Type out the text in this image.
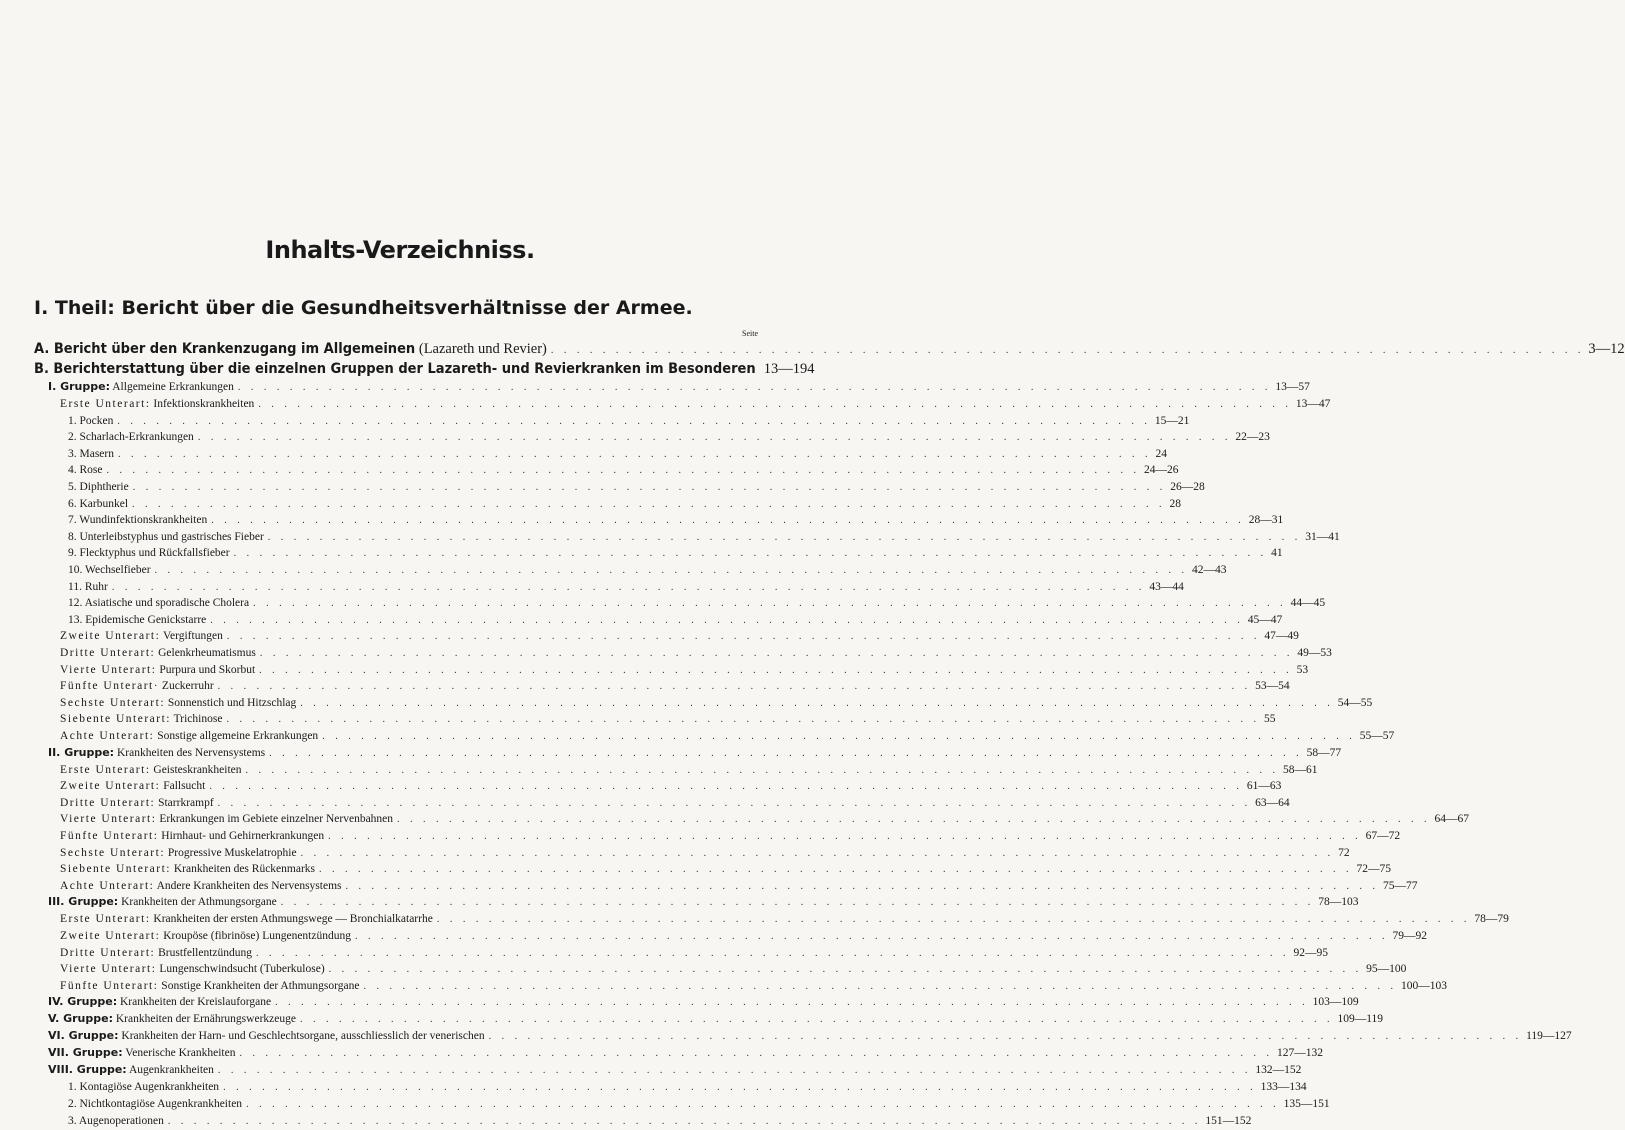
Inhalts-Verzeichniss.
I. Theil: Bericht über die Gesundheitsverhältnisse der Armee.
Seite
A. Bericht über den Krankenzugang im Allgemeinen (Lazareth und Revier) . . . . . . . . . . . . . . . . . . . . . . . . . . . . . . . . . . . . . . . . . . . . . . . . . . . . . . . . . . . . . . . . . . . . . . . . . . . . . . . . 3—12
B. Berichterstattung über die einzelnen Gruppen der Lazareth- und Revierkranken im Besonderen 13—194
I. Gruppe: Allgemeine Erkrankungen . . . . . . . . . . . . . . . . . . . . . . . . . . . . . . . . . . . . . . . . . . . . . . . . . . . . . . . . . . . . . . . . . . . . . . . . . . . . . . . . 13—57
Erste Unterart: Infektionskrankheiten . . . . . . . . . . . . . . . . . . . . . . . . . . . . . . . . . . . . . . . . . . . . . . . . . . . . . . . . . . . . . . . . . . . . . . . . . . . . . . . . 13—47
1. Pocken . . . . . . . . . . . . . . . . . . . . . . . . . . . . . . . . . . . . . . . . . . . . . . . . . . . . . . . . . . . . . . . . . . . . . . . . . . . . . . . . 15—21
2. Scharlach-Erkrankungen . . . . . . . . . . . . . . . . . . . . . . . . . . . . . . . . . . . . . . . . . . . . . . . . . . . . . . . . . . . . . . . . . . . . . . . . . . . . . . . . 22—23
3. Masern . . . . . . . . . . . . . . . . . . . . . . . . . . . . . . . . . . . . . . . . . . . . . . . . . . . . . . . . . . . . . . . . . . . . . . . . . . . . . . . . 24
4. Rose . . . . . . . . . . . . . . . . . . . . . . . . . . . . . . . . . . . . . . . . . . . . . . . . . . . . . . . . . . . . . . . . . . . . . . . . . . . . . . . . 24—26
5. Diphtherie . . . . . . . . . . . . . . . . . . . . . . . . . . . . . . . . . . . . . . . . . . . . . . . . . . . . . . . . . . . . . . . . . . . . . . . . . . . . . . . . 26—28
6. Karbunkel . . . . . . . . . . . . . . . . . . . . . . . . . . . . . . . . . . . . . . . . . . . . . . . . . . . . . . . . . . . . . . . . . . . . . . . . . . . . . . . . 28
7. Wundinfektionskrankheiten . . . . . . . . . . . . . . . . . . . . . . . . . . . . . . . . . . . . . . . . . . . . . . . . . . . . . . . . . . . . . . . . . . . . . . . . . . . . . . . . 28—31
8. Unterleibstyphus und gastrisches Fieber . . . . . . . . . . . . . . . . . . . . . . . . . . . . . . . . . . . . . . . . . . . . . . . . . . . . . . . . . . . . . . . . . . . . . . . . . . . . . . . . 31—41
9. Flecktyphus und Rückfallsfieber . . . . . . . . . . . . . . . . . . . . . . . . . . . . . . . . . . . . . . . . . . . . . . . . . . . . . . . . . . . . . . . . . . . . . . . . . . . . . . . . 41
10. Wechselfieber . . . . . . . . . . . . . . . . . . . . . . . . . . . . . . . . . . . . . . . . . . . . . . . . . . . . . . . . . . . . . . . . . . . . . . . . . . . . . . . . 42—43
11. Ruhr . . . . . . . . . . . . . . . . . . . . . . . . . . . . . . . . . . . . . . . . . . . . . . . . . . . . . . . . . . . . . . . . . . . . . . . . . . . . . . . . 43—44
12. Asiatische und sporadische Cholera . . . . . . . . . . . . . . . . . . . . . . . . . . . . . . . . . . . . . . . . . . . . . . . . . . . . . . . . . . . . . . . . . . . . . . . . . . . . . . . . 44—45
13. Epidemische Genickstarre . . . . . . . . . . . . . . . . . . . . . . . . . . . . . . . . . . . . . . . . . . . . . . . . . . . . . . . . . . . . . . . . . . . . . . . . . . . . . . . . 45—47
Zweite Unterart: Vergiftungen . . . . . . . . . . . . . . . . . . . . . . . . . . . . . . . . . . . . . . . . . . . . . . . . . . . . . . . . . . . . . . . . . . . . . . . . . . . . . . . . 47—49
Dritte Unterart: Gelenkrheumatismus . . . . . . . . . . . . . . . . . . . . . . . . . . . . . . . . . . . . . . . . . . . . . . . . . . . . . . . . . . . . . . . . . . . . . . . . . . . . . . . . 49—53
Vierte Unterart: Purpura und Skorbut . . . . . . . . . . . . . . . . . . . . . . . . . . . . . . . . . . . . . . . . . . . . . . . . . . . . . . . . . . . . . . . . . . . . . . . . . . . . . . . . 53
Fünfte Unterart· Zuckerruhr . . . . . . . . . . . . . . . . . . . . . . . . . . . . . . . . . . . . . . . . . . . . . . . . . . . . . . . . . . . . . . . . . . . . . . . . . . . . . . . . 53—54
Sechste Unterart: Sonnenstich und Hitzschlag . . . . . . . . . . . . . . . . . . . . . . . . . . . . . . . . . . . . . . . . . . . . . . . . . . . . . . . . . . . . . . . . . . . . . . . . . . . . . . . . 54—55
Siebente Unterart: Trichinose . . . . . . . . . . . . . . . . . . . . . . . . . . . . . . . . . . . . . . . . . . . . . . . . . . . . . . . . . . . . . . . . . . . . . . . . . . . . . . . . 55
Achte Unterart: Sonstige allgemeine Erkrankungen . . . . . . . . . . . . . . . . . . . . . . . . . . . . . . . . . . . . . . . . . . . . . . . . . . . . . . . . . . . . . . . . . . . . . . . . . . . . . . . . 55—57
II. Gruppe: Krankheiten des Nervensystems . . . . . . . . . . . . . . . . . . . . . . . . . . . . . . . . . . . . . . . . . . . . . . . . . . . . . . . . . . . . . . . . . . . . . . . . . . . . . . . . 58—77
Erste Unterart: Geisteskrankheiten . . . . . . . . . . . . . . . . . . . . . . . . . . . . . . . . . . . . . . . . . . . . . . . . . . . . . . . . . . . . . . . . . . . . . . . . . . . . . . . . 58—61
Zweite Unterart: Fallsucht . . . . . . . . . . . . . . . . . . . . . . . . . . . . . . . . . . . . . . . . . . . . . . . . . . . . . . . . . . . . . . . . . . . . . . . . . . . . . . . . 61—63
Dritte Unterart: Starrkrampf . . . . . . . . . . . . . . . . . . . . . . . . . . . . . . . . . . . . . . . . . . . . . . . . . . . . . . . . . . . . . . . . . . . . . . . . . . . . . . . . 63—64
Vierte Unterart: Erkrankungen im Gebiete einzelner Nervenbahnen . . . . . . . . . . . . . . . . . . . . . . . . . . . . . . . . . . . . . . . . . . . . . . . . . . . . . . . . . . . . . . . . . . . . . . . . . . . . . . . . 64—67
Fünfte Unterart: Hirnhaut- und Gehirnerkrankungen . . . . . . . . . . . . . . . . . . . . . . . . . . . . . . . . . . . . . . . . . . . . . . . . . . . . . . . . . . . . . . . . . . . . . . . . . . . . . . . . 67—72
Sechste Unterart: Progressive Muskelatrophie . . . . . . . . . . . . . . . . . . . . . . . . . . . . . . . . . . . . . . . . . . . . . . . . . . . . . . . . . . . . . . . . . . . . . . . . . . . . . . . . 72
Siebente Unterart: Krankheiten des Rückenmarks . . . . . . . . . . . . . . . . . . . . . . . . . . . . . . . . . . . . . . . . . . . . . . . . . . . . . . . . . . . . . . . . . . . . . . . . . . . . . . . . 72—75
Achte Unterart: Andere Krankheiten des Nervensystems . . . . . . . . . . . . . . . . . . . . . . . . . . . . . . . . . . . . . . . . . . . . . . . . . . . . . . . . . . . . . . . . . . . . . . . . . . . . . . . . 75—77
III. Gruppe: Krankheiten der Athmungsorgane . . . . . . . . . . . . . . . . . . . . . . . . . . . . . . . . . . . . . . . . . . . . . . . . . . . . . . . . . . . . . . . . . . . . . . . . . . . . . . . . 78—103
Erste Unterart: Krankheiten der ersten Athmungswege — Bronchialkatarrhe . . . . . . . . . . . . . . . . . . . . . . . . . . . . . . . . . . . . . . . . . . . . . . . . . . . . . . . . . . . . . . . . . . . . . . . . . . . . . . . . 78—79
Zweite Unterart: Kroupöse (fibrinöse) Lungenentzündung . . . . . . . . . . . . . . . . . . . . . . . . . . . . . . . . . . . . . . . . . . . . . . . . . . . . . . . . . . . . . . . . . . . . . . . . . . . . . . . . 79—92
Dritte Unterart: Brustfellentzündung . . . . . . . . . . . . . . . . . . . . . . . . . . . . . . . . . . . . . . . . . . . . . . . . . . . . . . . . . . . . . . . . . . . . . . . . . . . . . . . . 92—95
Vierte Unterart: Lungenschwindsucht (Tuberkulose) . . . . . . . . . . . . . . . . . . . . . . . . . . . . . . . . . . . . . . . . . . . . . . . . . . . . . . . . . . . . . . . . . . . . . . . . . . . . . . . . 95—100
Fünfte Unterart: Sonstige Krankheiten der Athmungsorgane . . . . . . . . . . . . . . . . . . . . . . . . . . . . . . . . . . . . . . . . . . . . . . . . . . . . . . . . . . . . . . . . . . . . . . . . . . . . . . . . 100—103
IV. Gruppe: Krankheiten der Kreislauforgane . . . . . . . . . . . . . . . . . . . . . . . . . . . . . . . . . . . . . . . . . . . . . . . . . . . . . . . . . . . . . . . . . . . . . . . . . . . . . . . . 103—109
V. Gruppe: Krankheiten der Ernährungswerkzeuge . . . . . . . . . . . . . . . . . . . . . . . . . . . . . . . . . . . . . . . . . . . . . . . . . . . . . . . . . . . . . . . . . . . . . . . . . . . . . . . . 109—119
VI. Gruppe: Krankheiten der Harn- und Geschlechtsorgane, ausschliesslich der venerischen . . . . . . . . . . . . . . . . . . . . . . . . . . . . . . . . . . . . . . . . . . . . . . . . . . . . . . . . . . . . . . . . . . . . . . . . . . . . . . . . 119—127
VII. Gruppe: Venerische Krankheiten . . . . . . . . . . . . . . . . . . . . . . . . . . . . . . . . . . . . . . . . . . . . . . . . . . . . . . . . . . . . . . . . . . . . . . . . . . . . . . . . 127—132
VIII. Gruppe: Augenkrankheiten . . . . . . . . . . . . . . . . . . . . . . . . . . . . . . . . . . . . . . . . . . . . . . . . . . . . . . . . . . . . . . . . . . . . . . . . . . . . . . . . 132—152
1. Kontagiöse Augenkrankheiten . . . . . . . . . . . . . . . . . . . . . . . . . . . . . . . . . . . . . . . . . . . . . . . . . . . . . . . . . . . . . . . . . . . . . . . . . . . . . . . . 133—134
2. Nichtkontagiöse Augenkrankheiten . . . . . . . . . . . . . . . . . . . . . . . . . . . . . . . . . . . . . . . . . . . . . . . . . . . . . . . . . . . . . . . . . . . . . . . . . . . . . . . . 135—151
3. Augenoperationen . . . . . . . . . . . . . . . . . . . . . . . . . . . . . . . . . . . . . . . . . . . . . . . . . . . . . . . . . . . . . . . . . . . . . . . . . . . . . . . . 151—152
